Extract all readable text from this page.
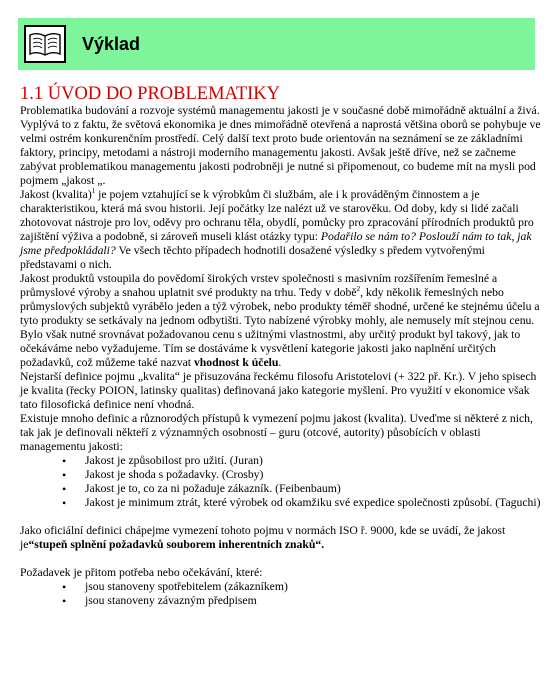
Výklad
1.1 ÚVOD DO PROBLEMATIKY

Problematika budování a rozvoje systémů managementu jakosti je v současné době mimořádně aktuální a živá. Vyplývá to z faktu, že světová ekonomika je dnes mimořádně otevřená a naprostá většina oborů se pohybuje ve velmi ostrém konkurenčním prostředí. Celý další text proto bude orientován na seznámení se ze základními faktory, principy, metodami a nástroji moderního managementu jakosti. Avšak ještě dříve, než se začneme zabývat problematikou managementu jakosti podrobněji je nutné si připomenout, co budeme mít na mysli pod pojmem „jakost „.

Jakost (kvalita)$^1$ je pojem vztahující se k výrobkům či službám, ale i k prováděným činnostem a je charakteristikou, která má svou historii. Její počátky lze nalézt už ve starověku. Od doby, kdy si lidé začali zhotovovat nástroje pro lov, oděvy pro ochranu těla, obydlí, pomůcky pro zpracování přírodních produktů pro zajištění výživa a podobně, si zároveň museli klást otázky typu: Podařilo se nám to? Poslouží nám to tak, jak jsme předpokládali? Ve všech těchto případech hodnotili dosažené výsledky s předem vytvořenými představami o nich.

Jakost produktů vstoupila do povědomí širokých vrstev společnosti s masivním rozšířením řemeslné a průmyslové výroby a snahou uplatnit své produkty na trhu. Tedy v době$^2$, kdy několik řemeslných nebo průmyslových subjektů vyrábělo jeden a týž výrobek, nebo produkty téměř shodné, určené ke stejnému účelu a tyto produkty se setkávaly na jednom odbytišti. Tyto nabízené výrobky mohly, ale nemusely mít stejnou cenu. Bylo však nutné srovnávat požadovanou cenu s užitnými vlastnostmi, aby určitý produkt byl takový, jak to očekáváme nebo vyžadujeme. Tím se dostáváme k vysvětlení kategorie jakosti jako naplnění určitých požadavků, což můžeme také nazvat vhodnost k účelu.

Nejstarší definice pojmu „kvalita“ je přisuzována řeckému filosofu Aristotelovi (+ 322 př. Kr.). V jeho spisech je kvalita (řecky POION, latinsky qualitas) definovaná jako kategorie myšlení. Pro využití v ekonomice však tato filosofická definice není vhodná.

Existuje mnoho definic a různorodých přístupů k vymezení pojmu jakost (kvalita). Uveďme si některé z nich, tak jak je definovali někteří z významných osobností – guru (otcové, autority) působících v oblasti managementu jakosti:

• Jakost je způsobilost pro užití. (Juran)
• Jakost je shoda s požadavky. (Crosby)
• Jakost je to, co za ni požaduje zákazník. (Feibenbaum)
• Jakost je minimum ztrát, které výrobek od okamžiku své expedice společnosti způsobí. (Taguchi)

Jako oficiální definici chápejme vymezení tohoto pojmu v normách ISO ř. 9000, kde se uvádí, že jakost je“stupeň splnění požadavků souborem inherentních znaků“.

Požadavek je přitom potřeba nebo očekávání, které:

• jsou stanoveny spotřebitelem (zákazníkem)
• jsou stanoveny závazným předpisem
